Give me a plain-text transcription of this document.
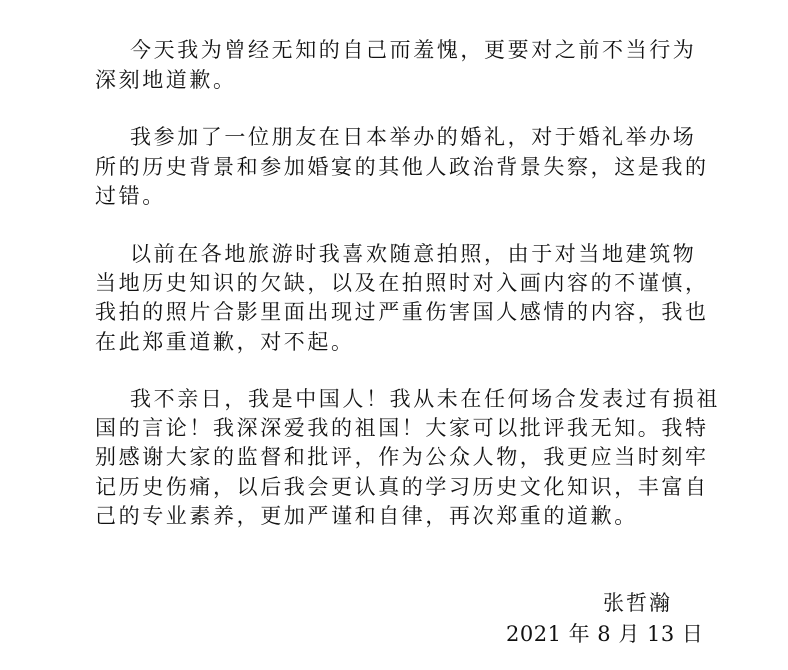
今天我为曾经无知的自己而羞愧，更要对之前不当行为
深刻地道歉。
我参加了一位朋友在日本举办的婚礼，对于婚礼举办场
所的历史背景和参加婚宴的其他人政治背景失察，这是我的
过错。
以前在各地旅游时我喜欢随意拍照，由于对当地建筑物
当地历史知识的欠缺，以及在拍照时对入画内容的不谨慎，
我拍的照片合影里面出现过严重伤害国人感情的内容，我也
在此郑重道歉，对不起。
我不亲日，我是中国人！我从未在任何场合发表过有损祖
国的言论！我深深爱我的祖国！大家可以批评我无知。我特
别感谢大家的监督和批评，作为公众人物，我更应当时刻牢
记历史伤痛，以后我会更认真的学习历史文化知识，丰富自
己的专业素养，更加严谨和自律，再次郑重的道歉。
张哲瀚
2021 年 8 月 13 日
